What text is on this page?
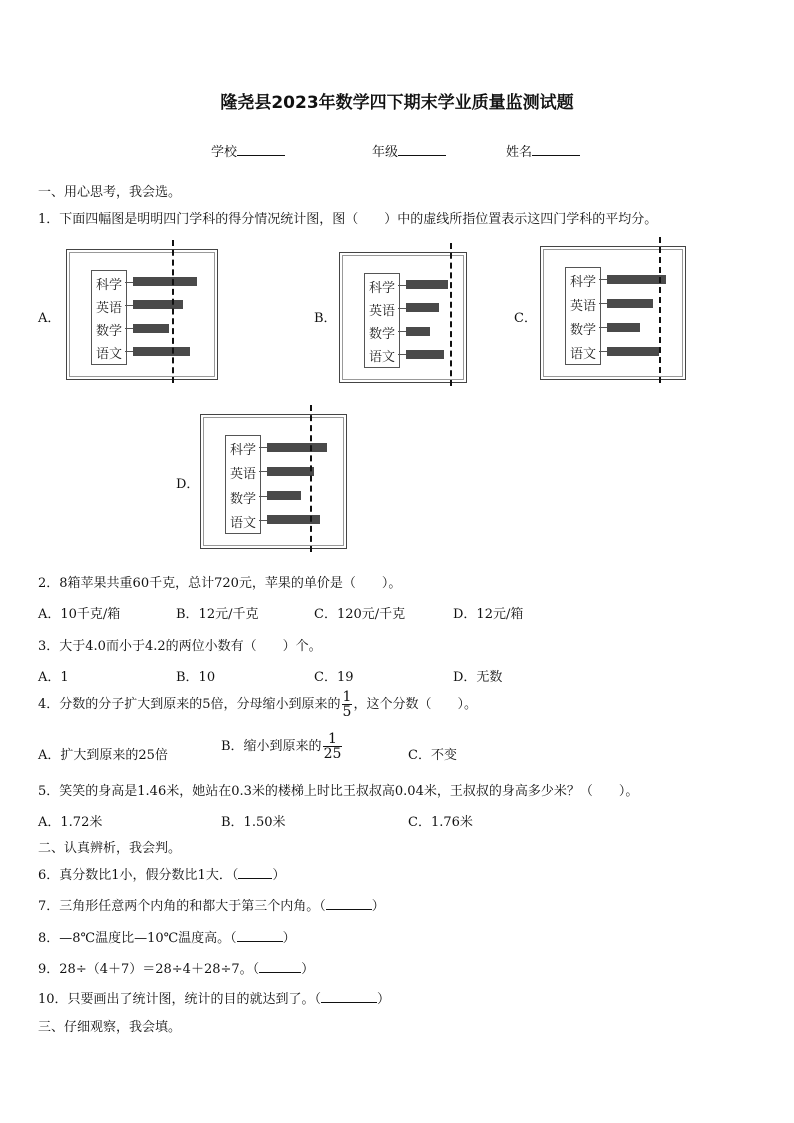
隆尧县2023年数学四下期末学业质量监测试题
学校	年级	姓名
一、用心思考，我会选。
1．下面四幅图是明明四门学科的得分情况统计图，图（　　）中的虚线所指位置表示这四门学科的平均分。
A．
科学
英语
数学
语文
B．
科学
英语
数学
语文
C．
科学
英语
数学
语文
D．
科学
英语
数学
语文
2．8箱苹果共重60千克，总计720元，苹果的单价是（　　）。
A．10千克/箱	B．12元/千克	C．120元/千克	D．12元/箱
3．大于4.0而小于4.2的两位小数有（　　）个。
A．1	B．10	C．19	D．无数
4．分数的分子扩大到原来的5倍，分母缩小到原来的 $\frac{1}{5}$ ，这个分数（　　）。
A．扩大到原来的25倍
B．缩小到原来的 $\frac{1}{25}$	C．不变
5．笑笑的身高是1.46米，她站在0.3米的楼梯上时比王叔叔高0.04米，王叔叔的身高多少米？（　　）。
A．1.72米	B．1.50米	C．1.76米
二、认真辨析，我会判。
6．真分数比1小，假分数比1大．（	）
7．三角形任意两个内角的和都大于第三个内角。（	）
8．—8℃温度比—10℃温度高。（	）
9．28÷（4＋7）＝28÷4＋28÷7。（	）
10．只要画出了统计图，统计的目的就达到了。（	）
三、仔细观察，我会填。
